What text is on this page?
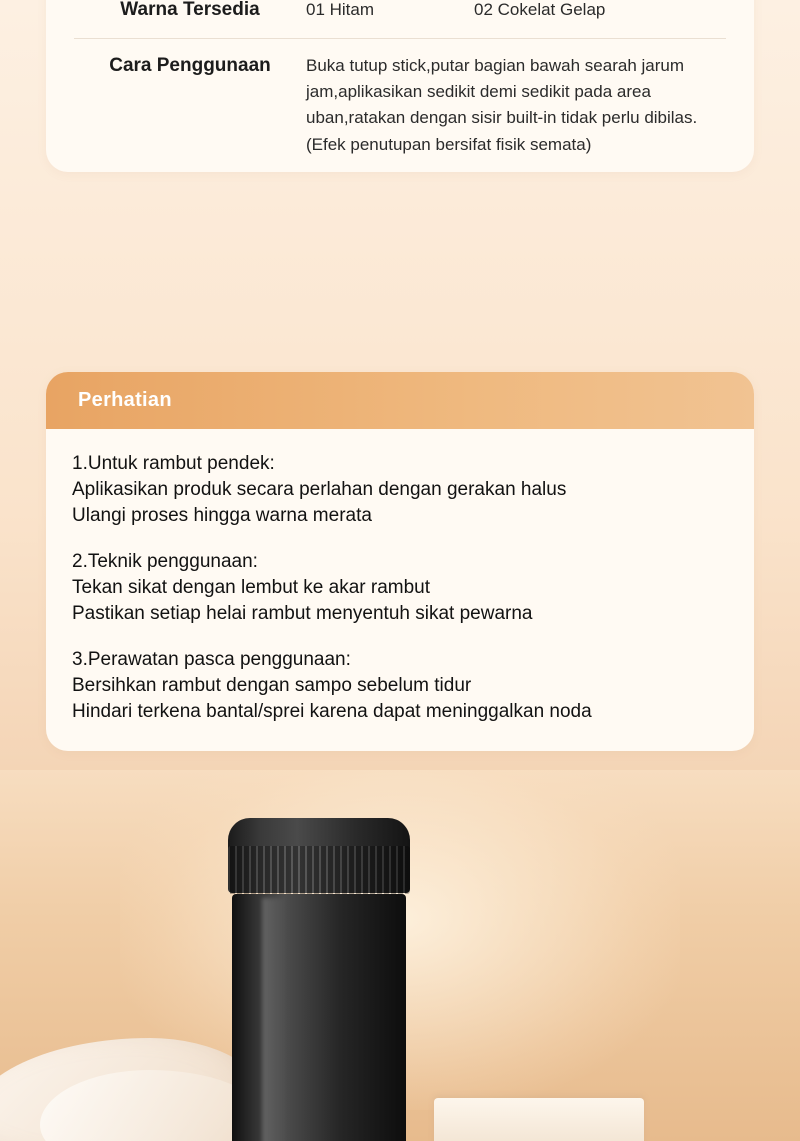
Warna Tersedia	01 Hitam	02 Cokelat Gelap
Cara Penggunaan	Buka tutup stick,putar bagian bawah searah jarum jam,aplikasikan sedikit demi sedikit pada area uban,ratakan dengan sisir built-in tidak perlu dibilas.(Efek penutupan bersifat fisik semata)
Perhatian
1.Untuk rambut pendek:
Aplikasikan produk secara perlahan dengan gerakan halus
Ulangi proses hingga warna merata
2.Teknik penggunaan:
Tekan sikat dengan lembut ke akar rambut
Pastikan setiap helai rambut menyentuh sikat pewarna
3.Perawatan pasca penggunaan:
Bersihkan rambut dengan sampo sebelum tidur
Hindari terkena bantal/sprei karena dapat meninggalkan noda
